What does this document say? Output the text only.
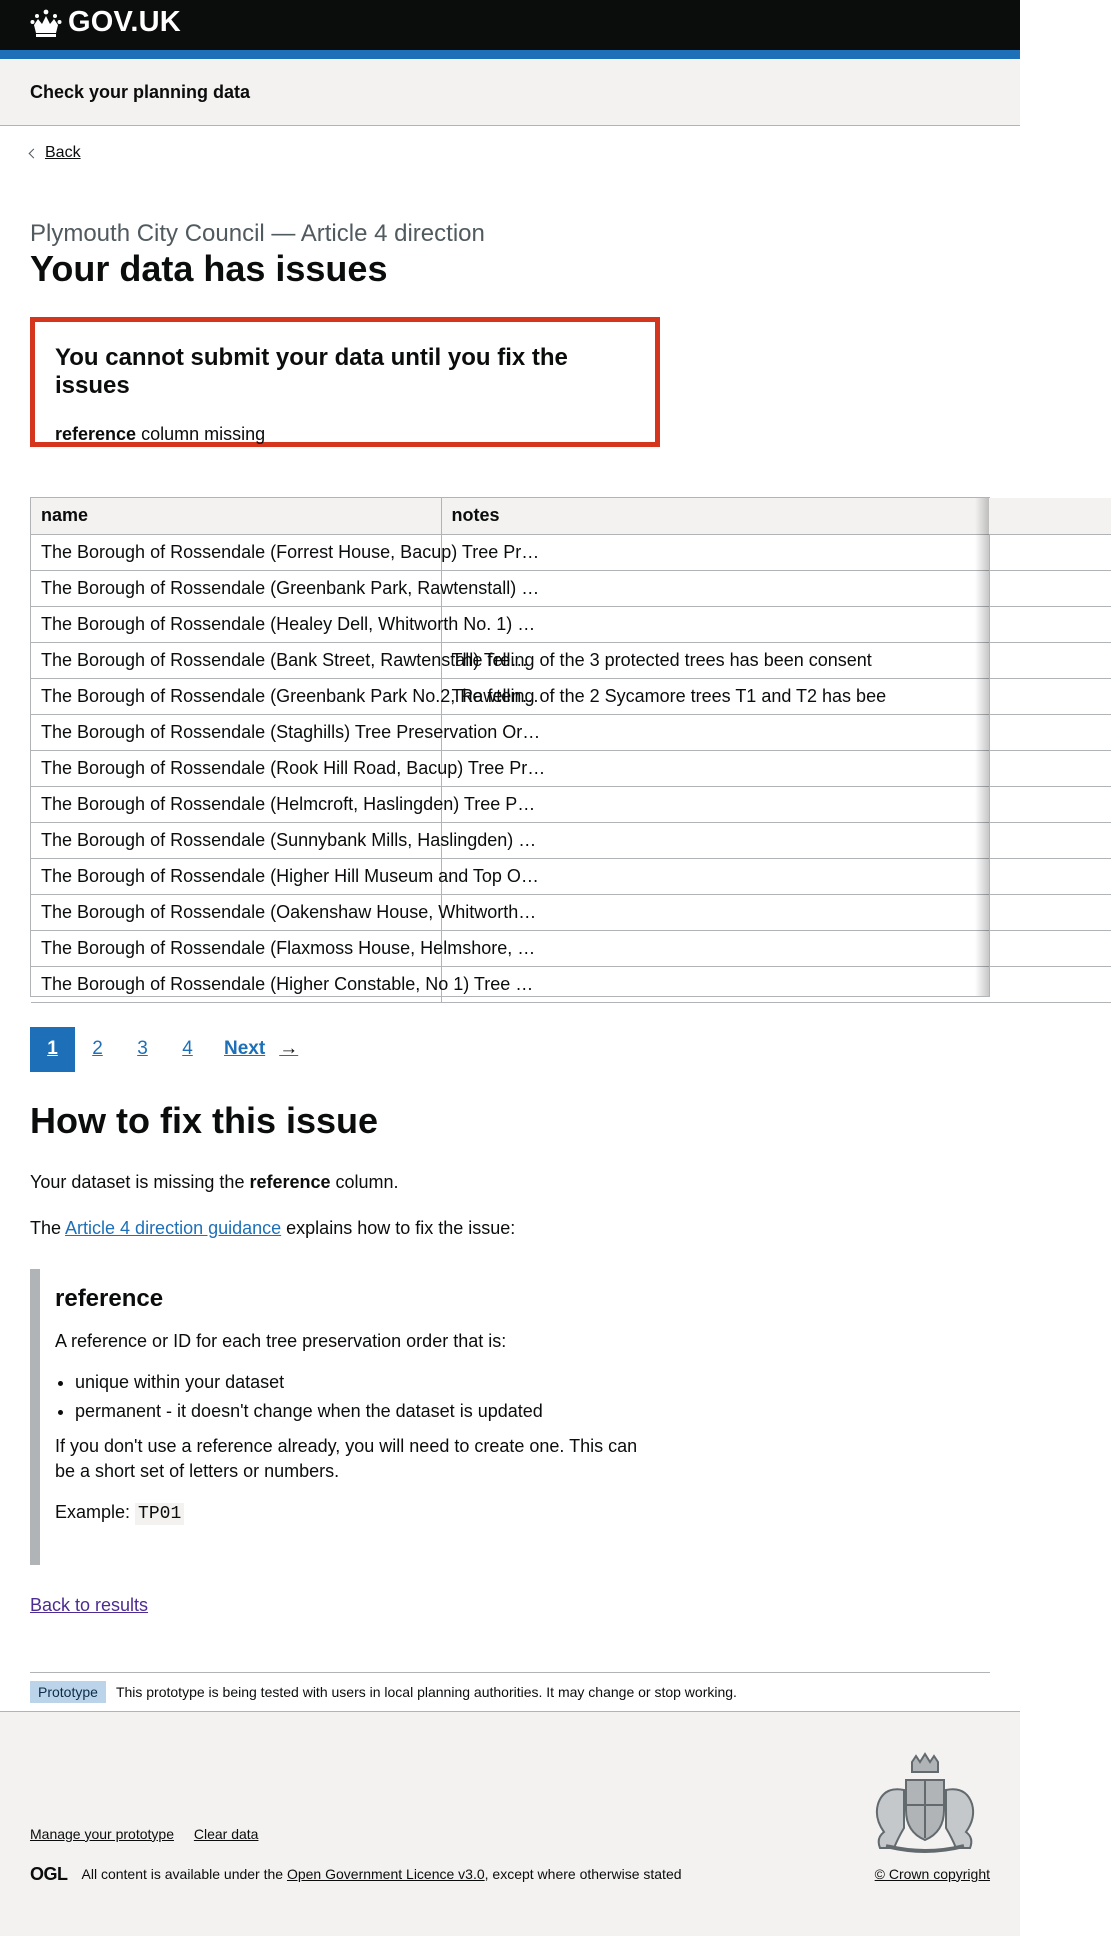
GOV.UK
Check your planning data
Back
Plymouth City Council — Article 4 direction
Your data has issues
You cannot submit your data until you fix the issues
reference column missing
name	notes
The Borough of Rossendale (Forrest House, Bacup) Tree Pr…	
The Borough of Rossendale (Greenbank Park, Rawtenstall) …	
The Borough of Rossendale (Healey Dell, Whitworth No. 1) …	
The Borough of Rossendale (Bank Street, Rawtenstall) Tre…	The felling of the 3 protected trees has been consent
The Borough of Rossendale (Greenbank Park No.2, Rawten…	The felling of the 2 Sycamore trees T1 and T2 has bee
The Borough of Rossendale (Staghills) Tree Preservation Or…	
The Borough of Rossendale (Rook Hill Road, Bacup) Tree Pr…	
The Borough of Rossendale (Helmcroft, Haslingden) Tree P…	
The Borough of Rossendale (Sunnybank Mills, Haslingden) …	
The Borough of Rossendale (Higher Hill Museum and Top O…	
The Borough of Rossendale (Oakenshaw House, Whitworth…	
The Borough of Rossendale (Flaxmoss House, Helmshore, …	
The Borough of Rossendale (Higher Constable, No 1) Tree …	
1	2	3	4	Next →
How to fix this issue

Your dataset is missing the reference column.

The Article 4 direction guidance explains how to fix the issue:

reference

A reference or ID for each tree preservation order that is:

• unique within your dataset
• permanent - it doesn't change when the dataset is updated

If you don't use a reference already, you will need to create one. This can be a short set of letters or numbers.

Example: TP01

Back to results
Prototype	This prototype is being tested with users in local planning authorities. It may change or stop working.
Manage your prototype Clear data
OGL All content is available under the
Open Government Licence v3.0 , except where otherwise stated	© Crown copyright
